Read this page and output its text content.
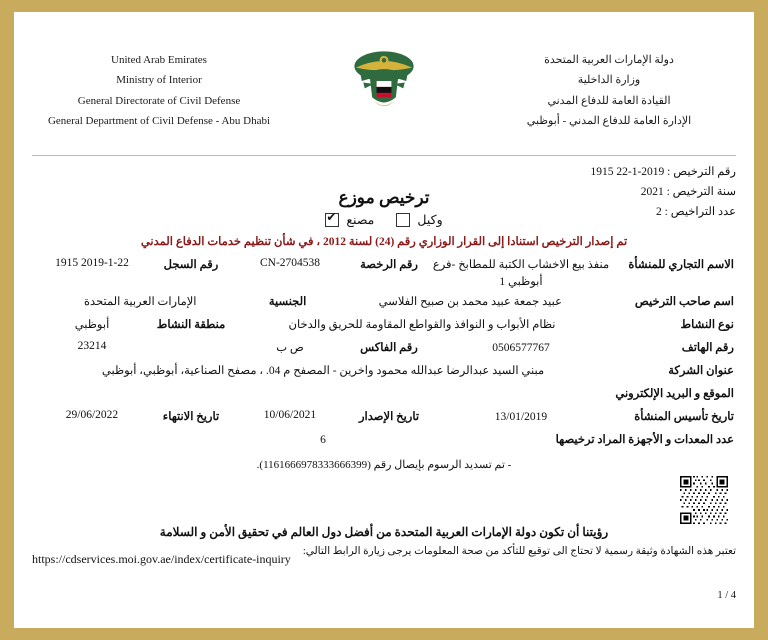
United Arab Emirates
Ministry of Interior
General Directorate of Civil Defense
General Department of Civil Defense - Abu Dhabi
دولة الإمارات العربية المتحدة
وزارة الداخلية
القيادة العامة للدفاع المدني
الإدارة العامة للدفاع المدني - أبوظبي
رقم الترخيص : 2019-1-22 1915
سنة الترخيص : 2021
عدد التراخيص : 2
ترخيص موزع
وكيل
مصنع
✔
تم إصدار الترخيص استنادا إلى القرار الوزاري رقم (24) لسنة 2012 ، في شأن تنظيم خدمات الدفاع المدني
الاسم التجاري للمنشأة
منفذ بيع الاخشاب الكتبة للمطابخ -فرع أبوظبي 1
رقم الرخصة
CN-2704538
رقم السجل
2019-1-22 1915
اسم صاحب الترخيص
عبيد جمعة عبيد محمد بن صبيح الفلاسي
الجنسية
الإمارات العربية المتحدة
نوع النشاط
نظام الأبواب و النوافذ والقواطع المقاومة للحريق والدخان
منطقة النشاط
أبوظبي
رقم الهاتف
0506577767
رقم الفاكس
ص ب
23214
عنوان الشركة
مبني السيد عبدالرضا عبدالله محمود واخرين - المصفح م 04. ، مصفح الصناعية، أبوظبي، أبوظبي
الموقع و البريد الإلكتروني
تاريخ تأسيس المنشأة
13/01/2019
تاريخ الإصدار
10/06/2021
تاريخ الانتهاء
29/06/2022
عدد المعدات و الأجهزة المراد ترخيصها
6
- تم تسديد الرسوم بإيصال رقم (1161666978333666399).
رؤيتنا أن تكون دولة الإمارات العربية المتحدة من أفضل دول العالم في تحقيق الأمن و السلامة
تعتبر هذه الشهادة وثيقة رسمية لا تحتاج الى توقيع للتأكد من صحة المعلومات يرجى زيارة الرابط التالي:
https://cdservices.moi.gov.ae/index/certificate-inquiry
1 / 4
